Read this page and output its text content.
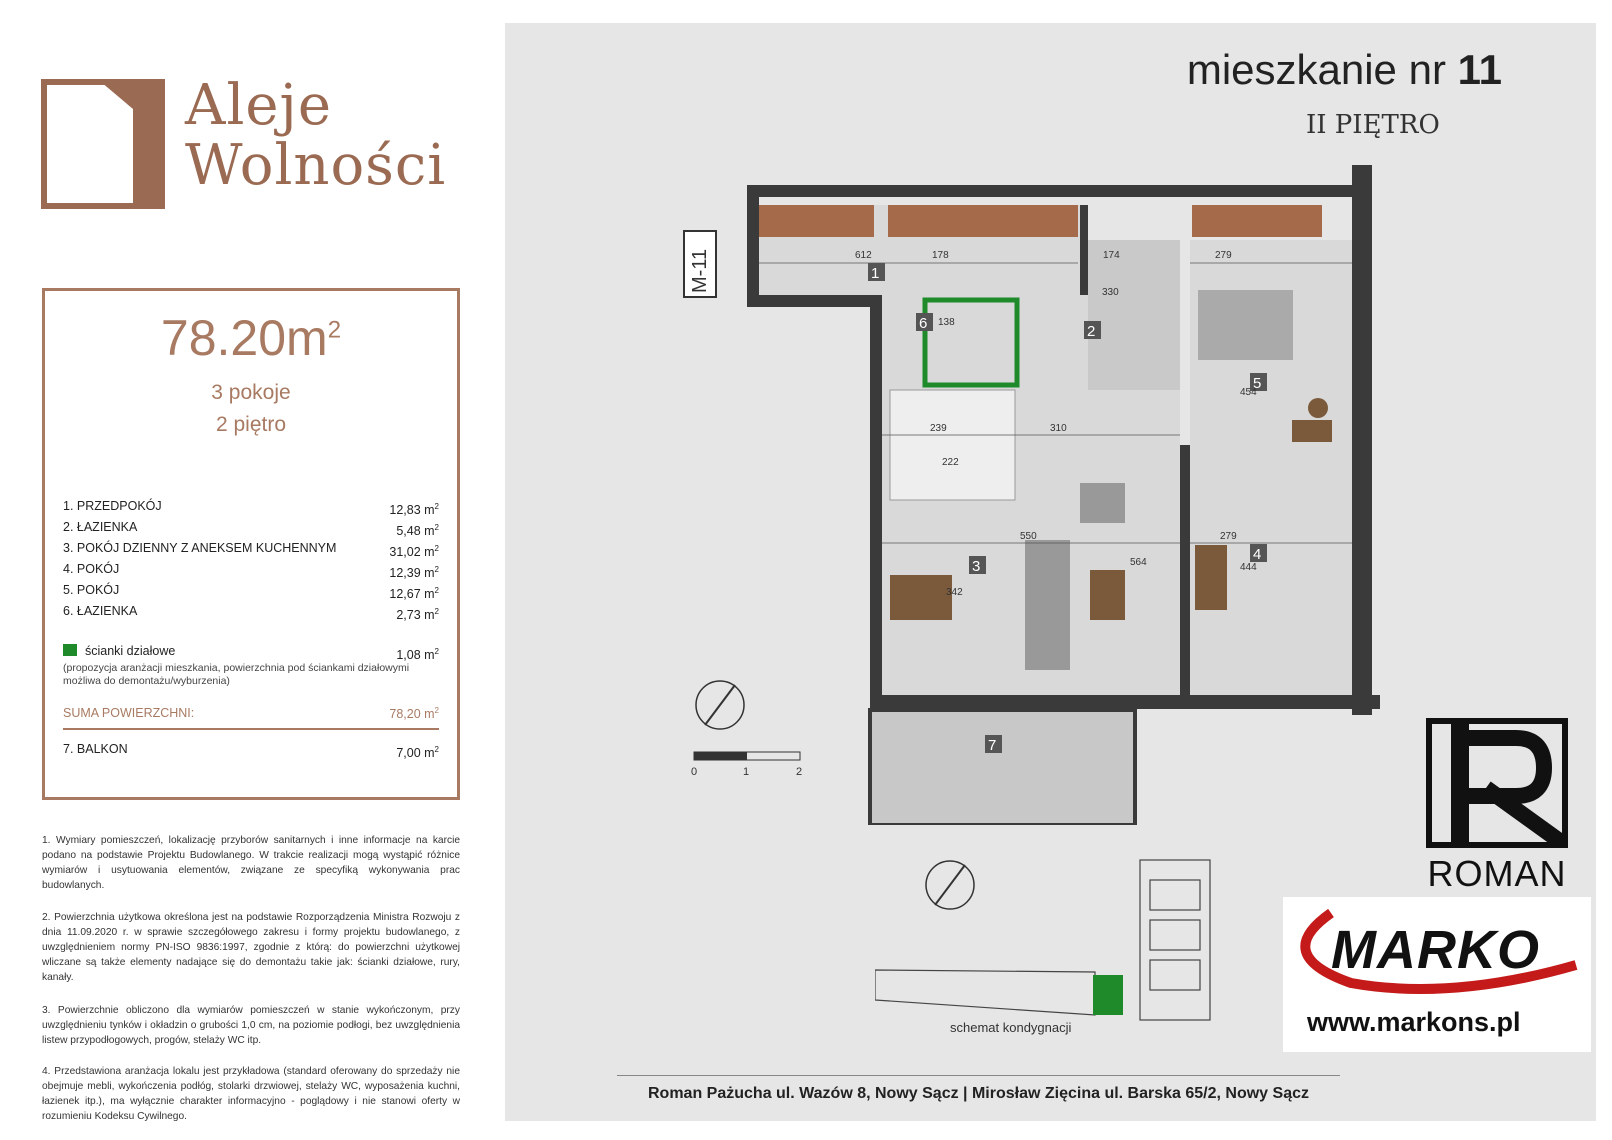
Aleje
Wolności
$78.20m^2$
3 pokoje
2 piętro
1. PRZEDPOKÓJ	12,83 $m^2$
2. ŁAZIENKA	5,48 $m^2$
3. POKÓJ DZIENNY Z ANEKSEM KUCHENNYM	31,02 $m^2$
4. POKÓJ	12,39 $m^2$
5. POKÓJ	12,67 $m^2$
6. ŁAZIENKA	2,73 $m^2$
ścianki działowe	1,08 $m^2$
(propozycja aranżacji mieszkania, powierzchnia pod ściankami działowymi możliwa do demontażu/wyburzenia)
SUMA POWIERZCHNI:	78,20 $m^2$
7. BALKON	7,00 $m^2$
1. Wymiary pomieszczeń, lokalizację przyborów sanitarnych i inne informacje na karcie podano na podstawie Projektu Budowlanego. W trakcie realizacji mogą wystąpić różnice wymiarów i usytuowania elementów, związane ze specyfiką wykonywania prac budowlanych.
2. Powierzchnia użytkowa określona jest na podstawie Rozporządzenia Ministra Rozwoju z dnia 11.09.2020 r. w sprawie szczegółowego zakresu i formy projektu budowlanego, z uwzględnieniem normy PN-ISO 9836:1997, zgodnie z którą: do powierzchni użytkowej wliczane są także elementy nadające się do demontażu takie jak: ścianki działowe, rury, kanały.
3. Powierzchnie obliczono dla wymiarów pomieszczeń w stanie wykończonym, przy uwzględnieniu tynków i okładzin o grubości 1,0 cm, na poziomie podłogi, bez uwzględnienia listew przypodłogowych, progów, stelaży WC itp.
4. Przedstawiona aranżacja lokalu jest przykładowa (standard oferowany do sprzedaży nie obejmuje mebli, wykończenia podłóg, stolarki drzwiowej, stelaży WC, wyposażenia kuchni, łazienek itp.), ma wyłącznie charakter informacyjno - poglądowy i nie stanowi oferty w rozumieniu Kodeksu Cywilnego.
mieszkanie nr 11
II PIĘTRO
1
2
3
4
5
6
7
612	178	174	279
330
138
239	310
222
550
564
342
454
279
444
M-11
0	1	2
schemat kondygnacji
ROMAN
MARKO
www.markons.pl
Roman Pażucha ul. Wazów 8, Nowy Sącz | Mirosław Zięcina ul. Barska 65/2, Nowy Sącz
